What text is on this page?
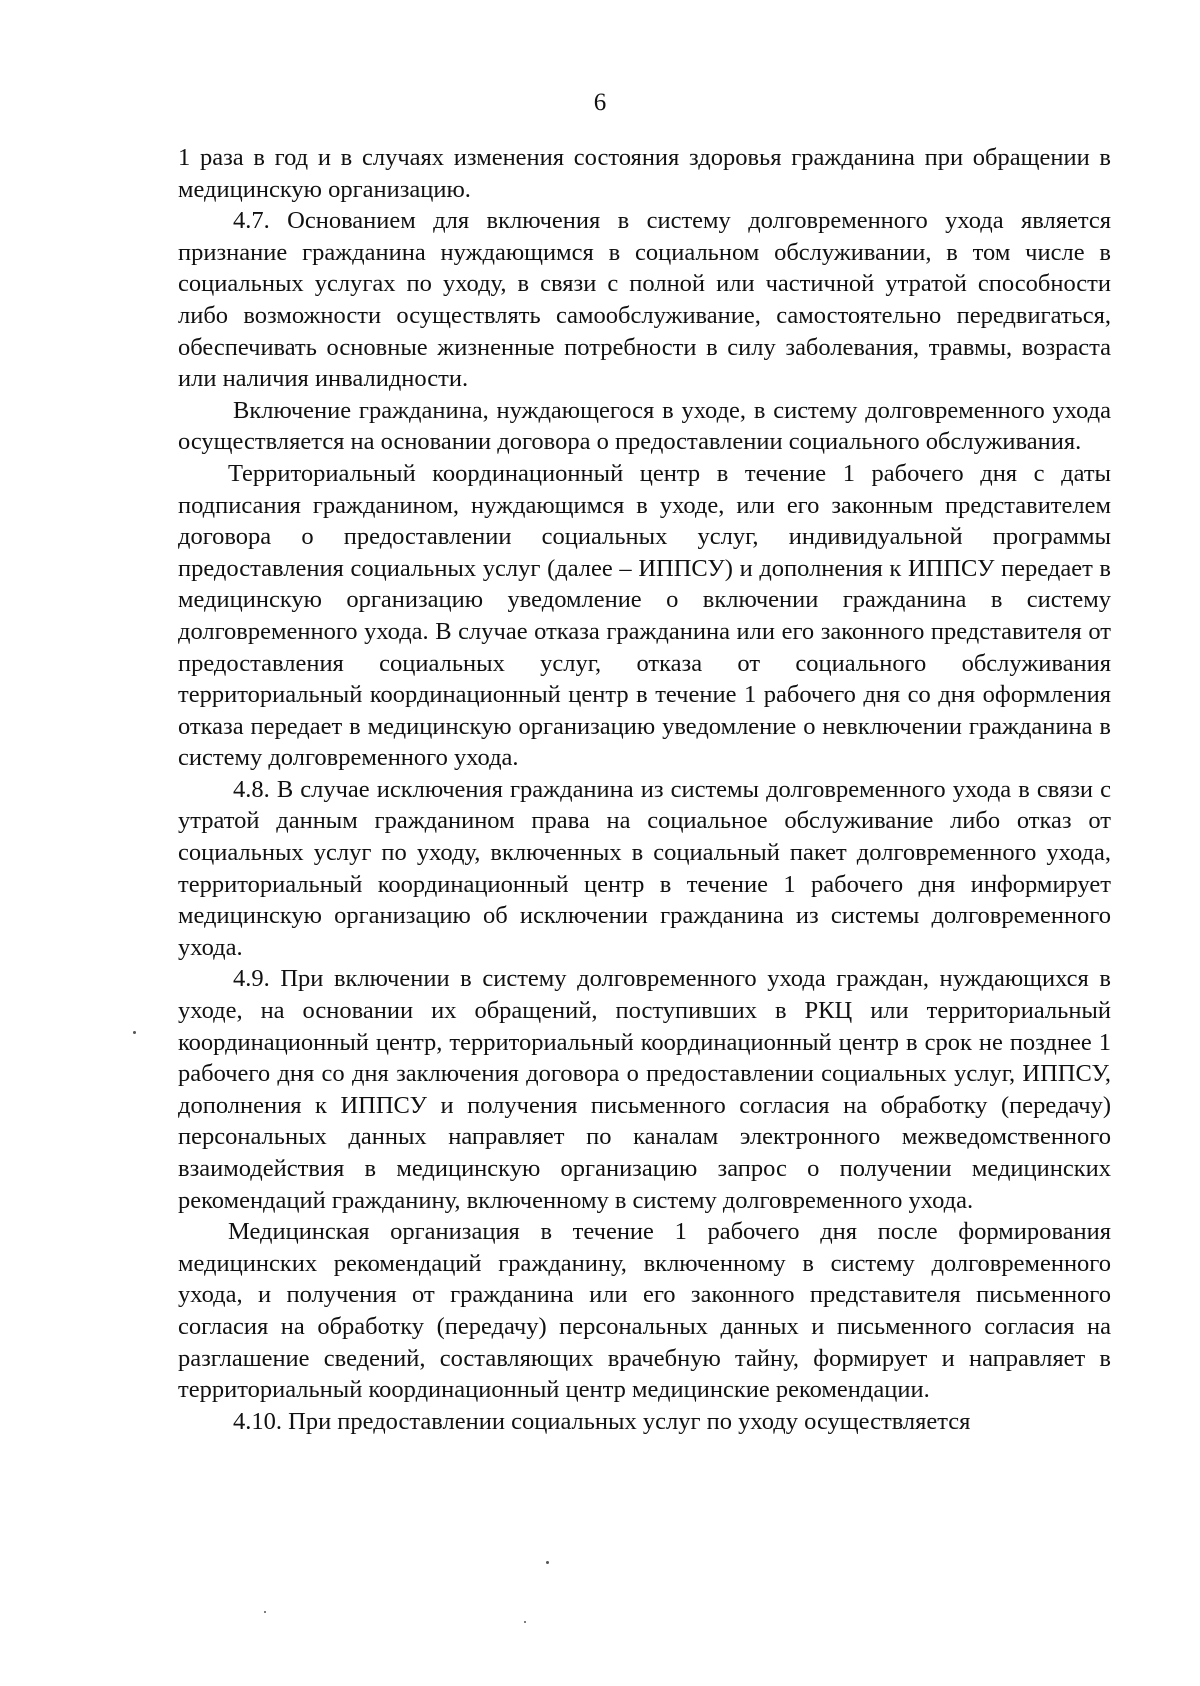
6

1 раза в год и в случаях изменения состояния здоровья гражданина при обращении в медицинскую организацию.

4.7. Основанием для включения в систему долговременного ухода является признание гражданина нуждающимся в социальном обслуживании, в том числе в социальных услугах по уходу, в связи с полной или частичной утратой способности либо возможности осуществлять самообслуживание, самостоятельно передвигаться, обеспечивать основные жизненные потребности в силу заболевания, травмы, возраста или наличия инвалидности.

Включение гражданина, нуждающегося в уходе, в систему долговременного ухода осуществляется на основании договора о предоставлении социального обслуживания.

Территориальный координационный центр в течение 1 рабочего дня с даты подписания гражданином, нуждающимся в уходе, или его законным представителем договора о предоставлении социальных услуг, индивидуальной программы предоставления социальных услуг (далее – ИППСУ) и дополнения к ИППСУ передает в медицинскую организацию уведомление о включении гражданина в систему долговременного ухода. В случае отказа гражданина или его законного представителя от предоставления социальных услуг, отказа от социального обслуживания территориальный координационный центр в течение 1 рабочего дня со дня оформления отказа передает в медицинскую организацию уведомление о невключении гражданина в систему долговременного ухода.

4.8. В случае исключения гражданина из системы долговременного ухода в связи с утратой данным гражданином права на социальное обслуживание либо отказ от социальных услуг по уходу, включенных в социальный пакет долговременного ухода, территориальный координационный центр в течение 1 рабочего дня информирует медицинскую организацию об исключении гражданина из системы долговременного ухода.

4.9. При включении в систему долговременного ухода граждан, нуждающихся в уходе, на основании их обращений, поступивших в РКЦ или территориальный координационный центр, территориальный координационный центр в срок не позднее 1 рабочего дня со дня заключения договора о предоставлении социальных услуг, ИППСУ, дополнения к ИППСУ и получения письменного согласия на обработку (передачу) персональных данных направляет по каналам электронного межведомственного взаимодействия в медицинскую организацию запрос о получении медицинских рекомендаций гражданину, включенному в систему долговременного ухода.

Медицинская организация в течение 1 рабочего дня после формирования медицинских рекомендаций гражданину, включенному в систему долговременного ухода, и получения от гражданина или его законного представителя письменного согласия на обработку (передачу) персональных данных и письменного согласия на разглашение сведений, составляющих врачебную тайну, формирует и направляет в территориальный координационный центр медицинские рекомендации.

4.10. При предоставлении социальных услуг по уходу осуществляется
